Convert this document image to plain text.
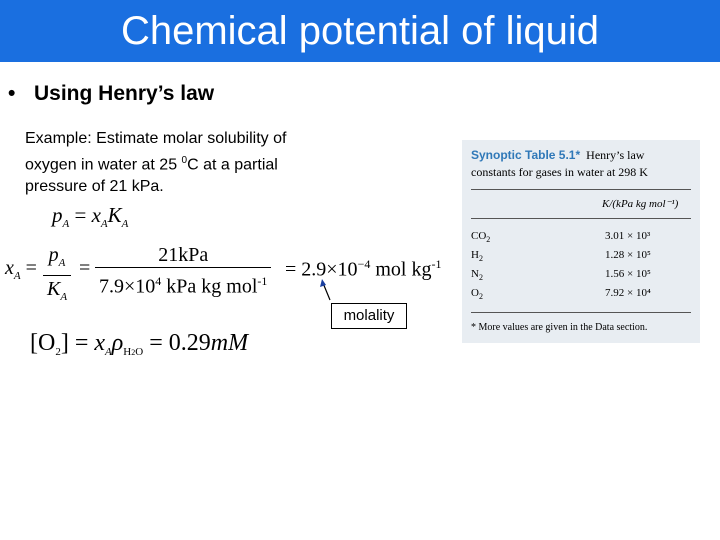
Chemical potential of liquid
• Using Henry’s law
Example: Estimate molar solubility of
oxygen in water at 25 $^0$C at a partial
pressure of 21 kPa.
$p_A = x_AK_A$
$x_A = \frac{p_A}{K_A}$ =
21kPa
$7.9\times 10^4$ kPa kg mol$^{-1}$
= $2.9\times 10^{-4}$ mol $kg^{-1}$
$[O_2] = x_A\rho_{H2O} = 0.29mM$
molality
Synoptic Table 5.1* Henry’s law
constants for gases in water at 298 K
K/(kPa kg mol⁻¹)
$CO_2$	3.01 × 10³
$H_2$	1.28 × 10⁵
$N_2$	1.56 × 10⁵
$O_2$	7.92 × 10⁴
* More values are given in the Data section.
